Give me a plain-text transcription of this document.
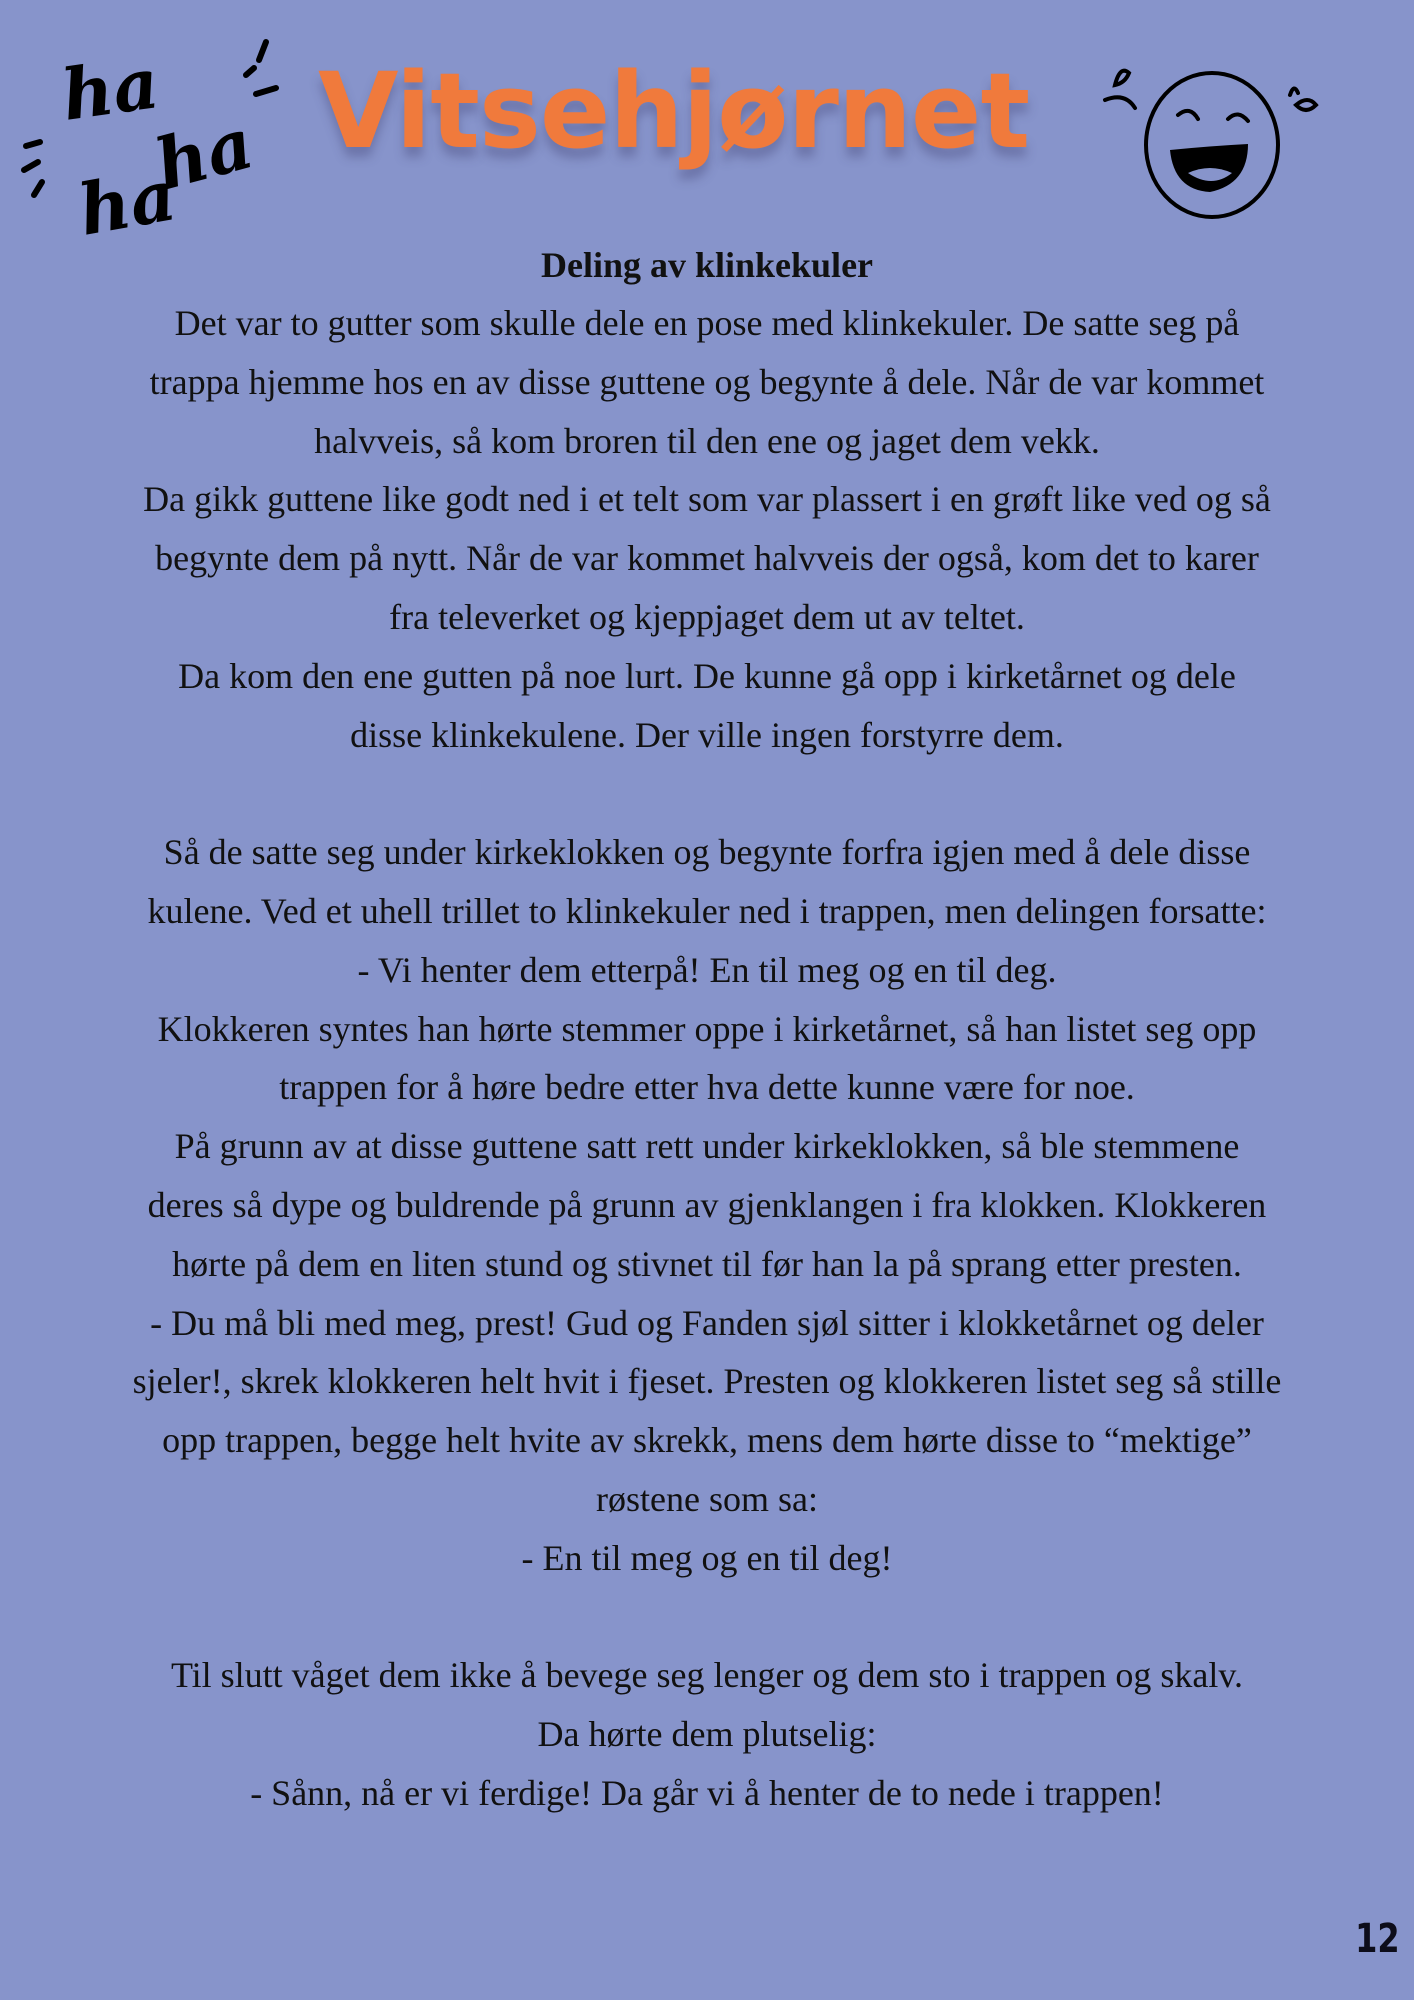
ha
ha
ha
Vitsehjørnet
Deling av klinkekuler
Det var to gutter som skulle dele en pose med klinkekuler. De satte seg på
trappa hjemme hos en av disse guttene og begynte å dele. Når de var kommet
halvveis, så kom broren til den ene og jaget dem vekk.
Da gikk guttene like godt ned i et telt som var plassert i en grøft like ved og så
begynte dem på nytt. Når de var kommet halvveis der også, kom det to karer
fra televerket og kjeppjaget dem ut av teltet.
Da kom den ene gutten på noe lurt. De kunne gå opp i kirketårnet og dele
disse klinkekulene. Der ville ingen forstyrre dem.
Så de satte seg under kirkeklokken og begynte forfra igjen med å dele disse
kulene. Ved et uhell trillet to klinkekuler ned i trappen, men delingen forsatte:
- Vi henter dem etterpå! En til meg og en til deg.
Klokkeren syntes han hørte stemmer oppe i kirketårnet, så han listet seg opp
trappen for å høre bedre etter hva dette kunne være for noe.
På grunn av at disse guttene satt rett under kirkeklokken, så ble stemmene
deres så dype og buldrende på grunn av gjenklangen i fra klokken. Klokkeren
hørte på dem en liten stund og stivnet til før han la på sprang etter presten.
- Du må bli med meg, prest! Gud og Fanden sjøl sitter i klokketårnet og deler
sjeler!, skrek klokkeren helt hvit i fjeset. Presten og klokkeren listet seg så stille
opp trappen, begge helt hvite av skrekk, mens dem hørte disse to “mektige”
røstene som sa:
- En til meg og en til deg!
Til slutt våget dem ikke å bevege seg lenger og dem sto i trappen og skalv.
Da hørte dem plutselig:
- Sånn, nå er vi ferdige! Da går vi å henter de to nede i trappen!
12
